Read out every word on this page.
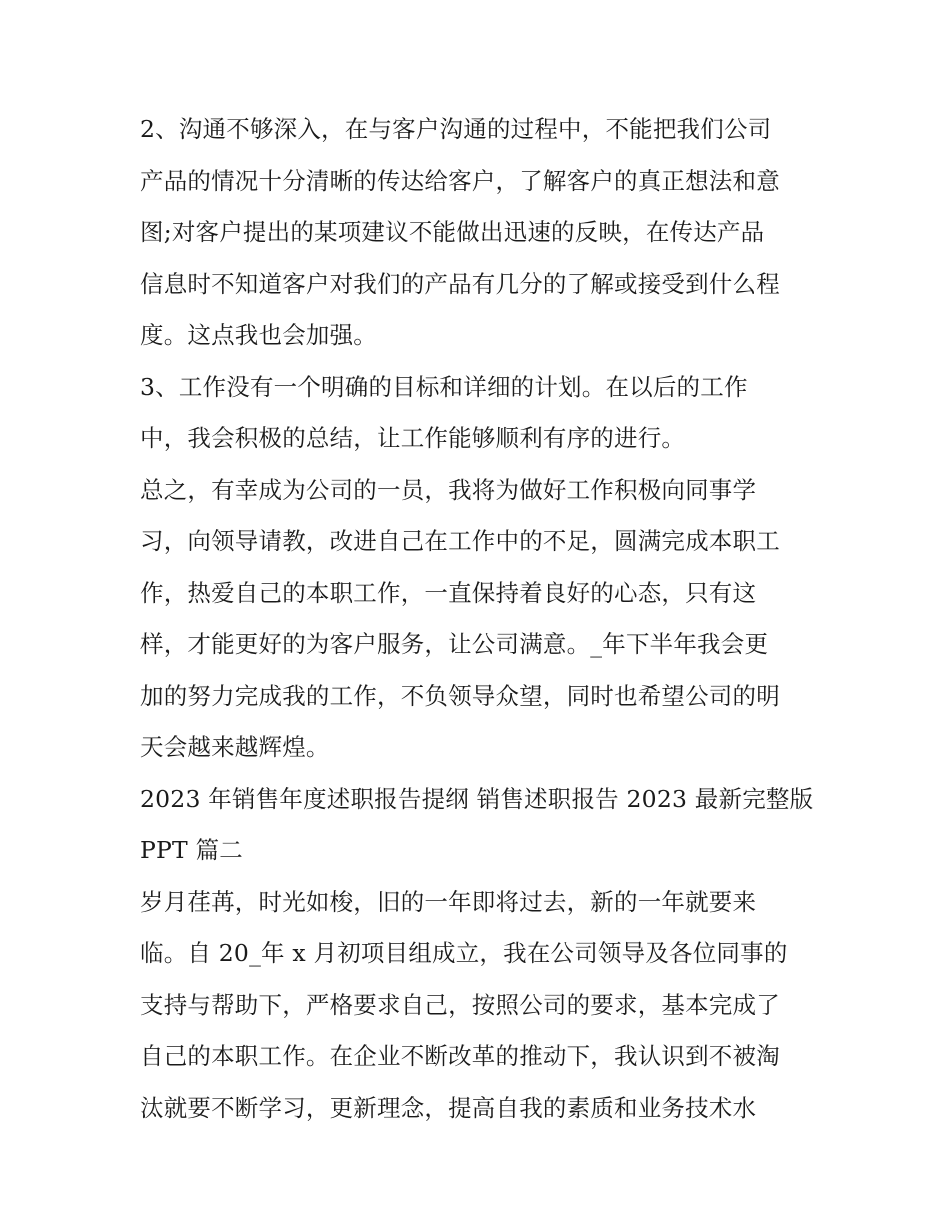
2、沟通不够深入，在与客户沟通的过程中，不能把我们公司
产品的情况十分清晰的传达给客户，了解客户的真正想法和意
图;对客户提出的某项建议不能做出迅速的反映，在传达产品
信息时不知道客户对我们的产品有几分的了解或接受到什么程
度。这点我也会加强。
3、工作没有一个明确的目标和详细的计划。在以后的工作
中，我会积极的总结，让工作能够顺利有序的进行。
总之，有幸成为公司的一员，我将为做好工作积极向同事学
习，向领导请教，改进自己在工作中的不足，圆满完成本职工
作，热爱自己的本职工作，一直保持着良好的心态，只有这
样，才能更好的为客户服务，让公司满意。_年下半年我会更
加的努力完成我的工作，不负领导众望，同时也希望公司的明
天会越来越辉煌。
2023 年销售年度述职报告提纲 销售述职报告 2023 最新完整版
PPT 篇二
岁月荏苒，时光如梭，旧的一年即将过去，新的一年就要来
临。自 20_年 x 月初项目组成立，我在公司领导及各位同事的
支持与帮助下，严格要求自己，按照公司的要求，基本完成了
自己的本职工作。在企业不断改革的推动下，我认识到不被淘
汰就要不断学习，更新理念，提高自我的素质和业务技术水
